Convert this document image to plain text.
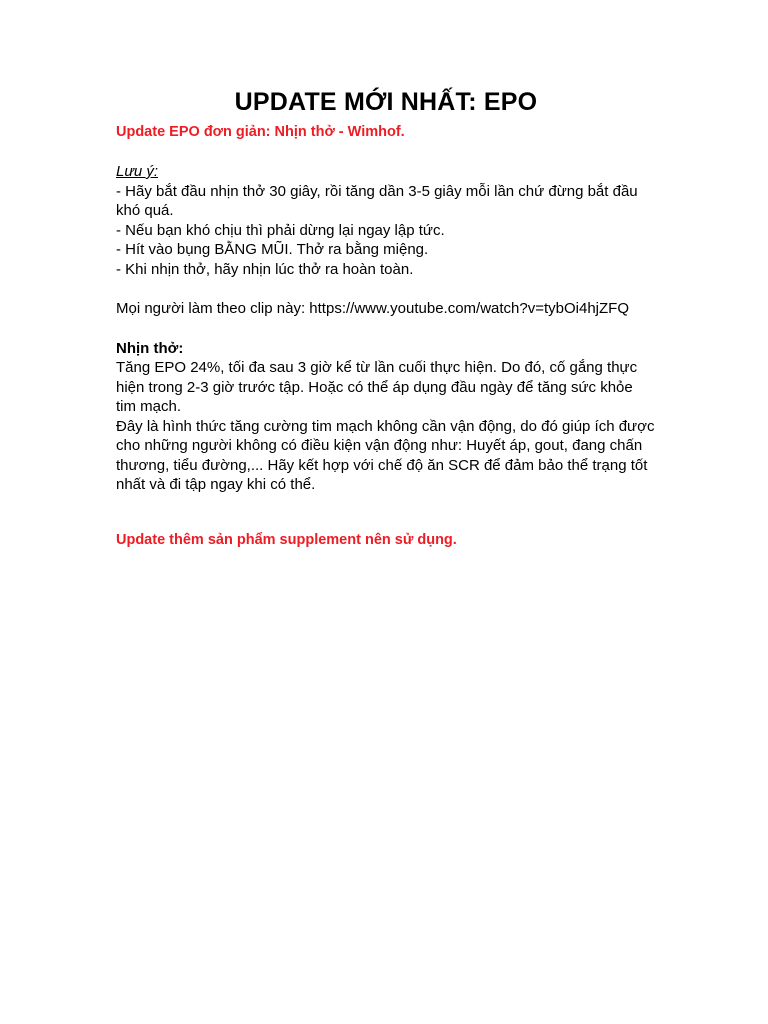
UPDATE MỚI NHẤT: EPO
Update EPO đơn giản: Nhịn thở - Wimhof.
Lưu ý:

- Hãy bắt đầu nhịn thở 30 giây, rồi tăng dần 3-5 giây mỗi lần chứ đừng bắt đầu khó quá.

- Nếu bạn khó chịu thì phải dừng lại ngay lập tức.

- Hít vào bụng BẰNG MŨI. Thở ra bằng miệng.

- Khi nhịn thở, hãy nhịn lúc thở ra hoàn toàn.

Mọi người làm theo clip này: https://www.youtube.com/watch?v=tybOi4hjZFQ

Nhịn thở:

Tăng EPO 24%, tối đa sau 3 giờ kể từ lần cuối thực hiện. Do đó, cố gắng thực hiện trong 2-3 giờ trước tập. Hoặc có thể áp dụng đầu ngày để tăng sức khỏe tim mạch.

Đây là hình thức tăng cường tim mạch không cần vận động, do đó giúp ích được cho những người không có điều kiện vận động như: Huyết áp, gout, đang chấn thương, tiểu đường,... Hãy kết hợp với chế độ ăn SCR để đảm bảo thể trạng tốt nhất và đi tập ngay khi có thể.

Update thêm sản phẩm supplement nên sử dụng.
